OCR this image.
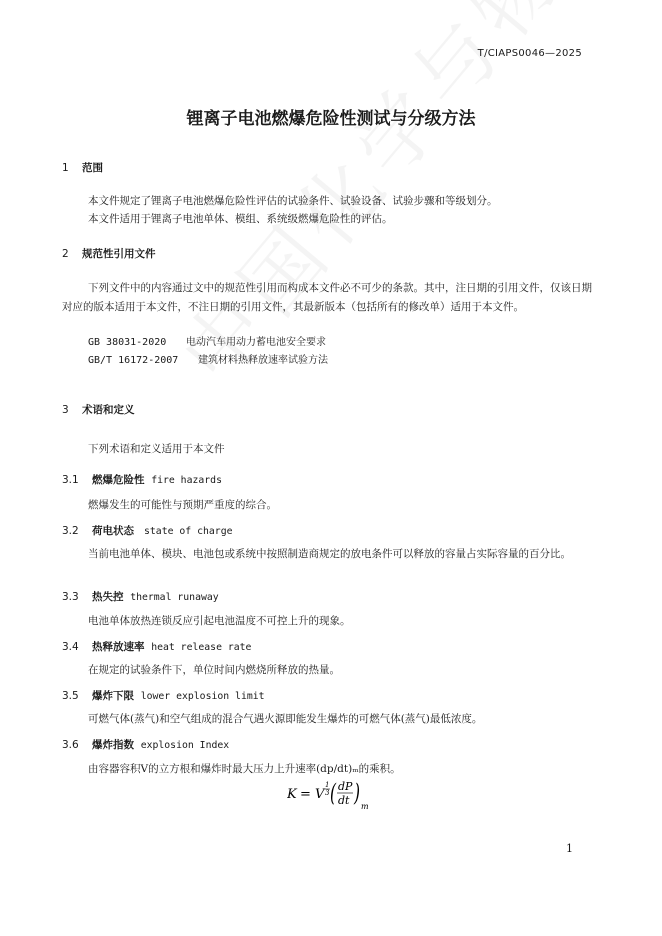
T/CIAPS0046—2025
锂离子电池燃爆危险性测试与分级方法
1 范围
本文件规定了锂离子电池燃爆危险性评估的试验条件、试验设备、试验步骤和等级划分。
本文件适用于锂离子电池单体、模组、系统级燃爆危险性的评估。
2 规范性引用文件
下列文件中的内容通过文中的规范性引用而构成本文件必不可少的条款。其中，注日期的引用文件，仅该日期对应的版本适用于本文件，不注日期的引用文件，其最新版本（包括所有的修改单）适用于本文件。
GB 38031-2020 电动汽车用动力蓄电池安全要求
GB/T 16172-2007 建筑材料热释放速率试验方法
3 术语和定义
下列术语和定义适用于本文件
3.1 燃爆危险性 fire hazards
燃爆发生的可能性与预期严重度的综合。
3.2 荷电状态 state of charge
当前电池单体、模块、电池包或系统中按照制造商规定的放电条件可以释放的容量占实际容量的百分比。
3.3 热失控 thermal runaway
电池单体放热连锁反应引起电池温度不可控上升的现象。
3.4 热释放速率 heat release rate
在规定的试验条件下，单位时间内燃烧所释放的热量。
3.5 爆炸下限 lower explosion limit
可燃气体(蒸气)和空气组成的混合气遇火源即能发生爆炸的可燃气体(蒸气)最低浓度。
3.6 爆炸指数 explosion Index
由容器容积V的立方根和爆炸时最大压力上升速率(dp/dt)ₘ的乘积。
K = V
1
3 ( dP
dt ) m
1
